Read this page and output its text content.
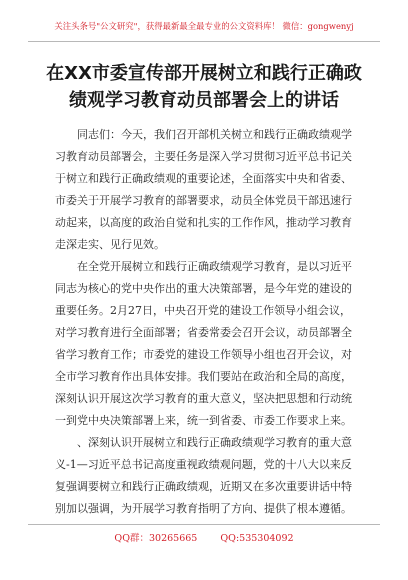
关注头条号"公文研究"，获得最新最全最专业的公文资料库！ 微信：gongwenyj
在XX市委宣传部开展树立和践行正确政
绩观学习教育动员部署会上的讲话

同志们：今天，我们召开部机关树立和践行正确政绩观学
习教育动员部署会，主要任务是深入学习贯彻习近平总书记关
于树立和践行正确政绩观的重要论述，全面落实中央和省委、
市委关于开展学习教育的部署要求，动员全体党员干部迅速行
动起来，以高度的政治自觉和扎实的工作作风，推动学习教育
走深走实、见行见效。

在全党开展树立和践行正确政绩观学习教育，是以习近平
同志为核心的党中央作出的重大决策部署，是今年党的建设的
重要任务。2月27日，中央召开党的建设工作领导小组会议，
对学习教育进行全面部署；省委常委会召开会议，动员部署全
省学习教育工作；市委党的建设工作领导小组也召开会议，对
全市学习教育作出具体安排。我们要站在政治和全局的高度，
深刻认识开展这次学习教育的重大意义，坚决把思想和行动统
一到党中央决策部署上来，统一到省委、市委工作要求上来。

、深刻认识开展树立和践行正确政绩观学习教育的重大意
义-1—习近平总书记高度重视政绩观问题，党的十八大以来反
复强调要树立和践行正确政绩观，近期又在多次重要讲话中特
别加以强调，为开展学习教育指明了方向、提供了根本遵循。

QQ群：30265665 QQ:535304092
